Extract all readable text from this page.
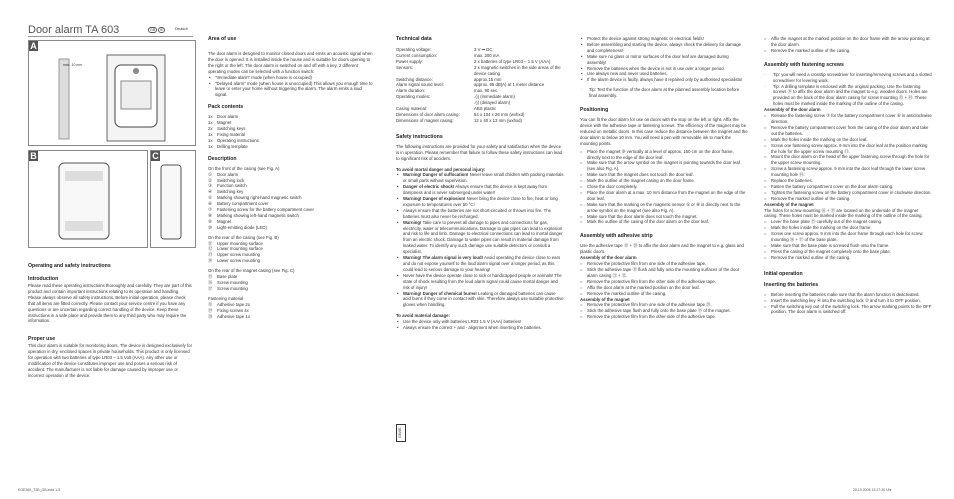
Door alarm TA 603	GB	IE	Deutsch
A
max. 10 mm
B	C

Operating and safety instructions

Introduction

Please read these operating instructions thoroughly and carefully. They are part of this product and contain important instructions relating to its operation and handling. Please always observe all safety instructions. Before initial operation, please check that all items are fitted correctly. Please contact your service centre if you have any questions or are uncertain regarding correct handling of the device. Keep these instructions in a safe place and provide them to any third party who may require the information.

Proper use

This door alarm is suitable for monitoring doors. The device is designed exclusively for operation in dry, enclosed spaces in private households. This product is only licensed for operation with two batteries of type LR03 – 1.5 Volt (AAA). Any other use or modification of the device constitutes improper use and poses a serious risk of accident. The manufacturer is not liable for damage caused by improper use or incorrect operation of the device.

Area of use

The door alarm is designed to monitor closed doors and emits an acoustic signal when the door is opened. It is installed inside the house and is suitable for doors opening to the right or the left. The door alarm is switched on and off with a key. 2 different operating modes can be selected with a function switch:

• "Immediate alarm" mode (when house is occupied)
• "Delayed alarm" mode (when house is unoccupied) This allows you enough time to leave or enter your home without triggering the alarm. The alarm emits a loud signal.

Pack contents

1x	Door alarm
1x	Magnet
2x	Switching keys
1x	Fixing material
1x	Operating instructions
1x	Drilling template

Description

On the front of the casing (see Fig. A)

①	Door alarm
②	Switching lock
③	Function switch
④	Switching key
⑤	Marking showing right-hand magnetic switch
⑥	Battery compartment cover
⑦	Fastening screw for the battery compartment cover
⑧	Marking showing left-hand magnetic switch
⑨	Magnet
⑩	Light-emitting diode (LED)

On the rear of the casing (see Fig. B)

⑪	Upper mounting surface
⑫	Lower mounting surface
⑬	Upper screw mounting
⑭	Lower screw mounting

On the rear of the magnet casing (see Fig. C)

⑮	Base plate
⑯	Screw mounting
⑰	Screw mounting

Fastening material

⑱	Adhesive tape 2x
⑲	Fixing screws 4x
⑳	Adhesive tape 1x

Technical data

Operating voltage:	3 V ⎓ DC
Current consumption:	max. 200 mA
Power supply:	2 x batteries of type LR03 – 1.5 V (AAA)
Sensors:	2 x magnetic switches in the side areas of the device casing
Switching distance:	approx.15 mm
Alarm signal sound level:	approx. 95 dB(A) at 1 meter distance
Alarm duration:	max. 90 sec.
Operating modes:	♪)) (immediate alarm)
♪)) (delayed alarm)
Casing material:	ABS plastic
Dimensions of door alarm casing:	54 x 104 x 26 mm (wxhxd)
Dimensions of magnet casing:	12 x 40 x 13 mm (wxhxd)

Safety instructions

The following instructions are provided for your safety and satisfaction when the device is in operation. Please remember that failure to follow these safety instructions can lead to significant risk of accident.

To avoid mortal danger and personal injury:

• Warning! Danger of suffocation! Never leave small children with packing materials or small parts without supervision.
• Danger of electric shock! Always ensure that the device is kept away from dampness and is never submerged under water!
• Warning! Danger of explosion! Never bring the device close to fire, heat or long exposure to temperatures over 50 °C!
• Always ensure that the batteries are not short-circuited or thrown into fire. The batteries must also never be recharged.
• Warning! Take care to prevent all damage to pipes and connections for gas, electricity, water or telecommunications. Damage to gas pipes can lead to explosion and risk to life and limb. Damage to electrical connections can lead to mortal danger from an electric shock. Damage to water pipes can result in material damage from leaked water. To identify any such damage use suitable detectors or consult a specialist.
• Warning! The alarm signal is very loud! Avoid operating the device close to ears and do not expose yourself to the loud alarm signal over a longer period, as this could lead to serious damage to your hearing!
• Never have the device operate close to sick or handicapped people or animals! The state of shock resulting from the loud alarm signal could cause mortal danger and risk of injury!
• Warning! Danger of chemical burns! Leaking or damaged batteries can cause acid burns if they come in contact with skin. Therefore always use suitable protective gloves when handling.

To avoid material damage:

• Use the device only with batteries LR03 1.5 V (AAA) batteries!
• Always ensure the correct + and - alignment when inserting the batteries.
• Protect the device against strong magnetic or electrical fields!
• Before assembling and starting the device, always check the delivery for damage and completeness!
• Make sure no glass or mirror surfaces of the door leaf are damaged during assembly!
• Remove the batteries when the device is not in use over a longer period.
• Use always new and never used batteries.
• If the alarm device is faulty, always have it repaired only by authorised specialists!
☞	Tip: Test the function of the door alarm at the planned assembly location before final assembly.

Positioning

You can fit the door alarm for use on doors with the stop on the left or right. Affix the device with the adhesive tape or fastening screws. The efficiency of the magnet may be reduced on metallic doors. In this case reduce the distance between the magnet and the door alarm to below 10 mm. You will need a pen with removable ink to mark the mounting points.

○ Place the magnet ⑨ vertically at a level of approx. 150 cm on the door frame, directly next to the edge of the door leaf.
○ Make sure that the arrow symbol on the magnet is pointing towards the door leaf (see also Fig. A).
○ Make sure that the magnet does not touch the door leaf.
○ Mark the outline of the magnet casing on the door frame.
○ Close the door completely.
○ Place the door alarm at a max. 10 mm distance from the magnet on the edge of the door leaf.
○ Make sure that the marking on the magnetic sensor ⑤ or ⑧ is directly next to the arrow symbol on the magnet (see also Fig. A).
○ Make sure that the door alarm does not touch the magnet.
○ Mark the outline of the casing of the door alarm on the door leaf.

Assembly with adhesive strip

Use the adhesive tape ⑱ + ⑳ to affix the door alarm and the magnet to e.g. glass and plastic doors.

Assembly of the door alarm

○ Remove the protective film from one side of the adhesive tape.
○ Stick the adhesive tape ⑱ flush and fully onto the mounting surfaces of the door alarm casing ⑪ + ⑫.
○ Remove the protective film from the other side of the adhesive tape.
○ Affix the door alarm at the marked position on the door leaf.
○ Remove the marked outline of the casing.

Assembly of the magnet

○ Remove the protective film from one side of the adhesive tape ⑳.
○ Stick the adhesive tape flush and fully onto the base plate ⑮ of the magnet.
○ Remove the protective film from the other side of the adhesive tape.
○ Affix the magnet at the marked position on the door frame with the arrow pointing at the door alarm.
○ Remove the marked outline of the casing.

Assembly with fastening screws

☞	Tip: you will need a crosstip screwdriver for inserting/removing screws and a slotted screwdriver for levering work.

☞	Tip: A drilling template is enclosed with the original packing. Use the fastening screws ⑲ to affix the door alarm and the magnet to e.g. wooden doors. Holes are provided on the back of the door alarm casing for screw mounting ⑬ + ⑭. These holes must be marked inside the marking of the outline of the casing.

Assembly of the door alarm

○ Release the fastening screw ⑦ for the battery compartment cover ⑥ in anticlockwise direction.
○ Remove the battery compartment cover from the casing of the door alarm and take out the batteries.
○ Mark the holes inside the marking on the door leaf.
○ Screw one fastening screw approx. 9 mm into the door leaf at the position marking the hole for the upper screw mounting ⑬.
○ Mount the door alarm on the head of the upper fastening screw through the hole for the upper screw mounting.
○ Screw a fastening screw approx. 9 mm into the door leaf through the lower screw mounting hole ⑭.
○ Replace the batteries.
○ Fasten the battery compartment cover on the door alarm casing.
○ Tighten the fastening screw on the battery compartment cover in clockwise direction.
○ Remove the marked outline of the casing.

Assembly of the magnet

The holes for screw mounting ⑯ + ⑰ are located on the underside of the magnet casing. These holes must be marked inside the marking of the outline of the casing.

○ Lever the base plate ⑮ carefully out of the magnet casing.
○ Mark the holes inside the marking on the door frame.
○ Screw one screw approx. 9 mm into the door frame through each hole for screw mounting ⑯ + ⑰ of the base plate.
○ Make sure that the base plate is screwed flush onto the frame.
○ Press the casing of the magnet completely onto the base plate.
○ Remove the marked outline of the casing.

Initial operation

Inserting the batteries

○ Before inserting the batteries make sure that the alarm function is deactivated.
○ Insert the switching key ④ into the switching lock ② and turn it to OFF position.
○ Pull the switching key out of the switching lock. The arrow marking points to the OFF position. The door alarm is switched off.
GB/IE
KOE360_T3B_GB.indd 1-5	25.10.2005 13:27:20 Uhr
